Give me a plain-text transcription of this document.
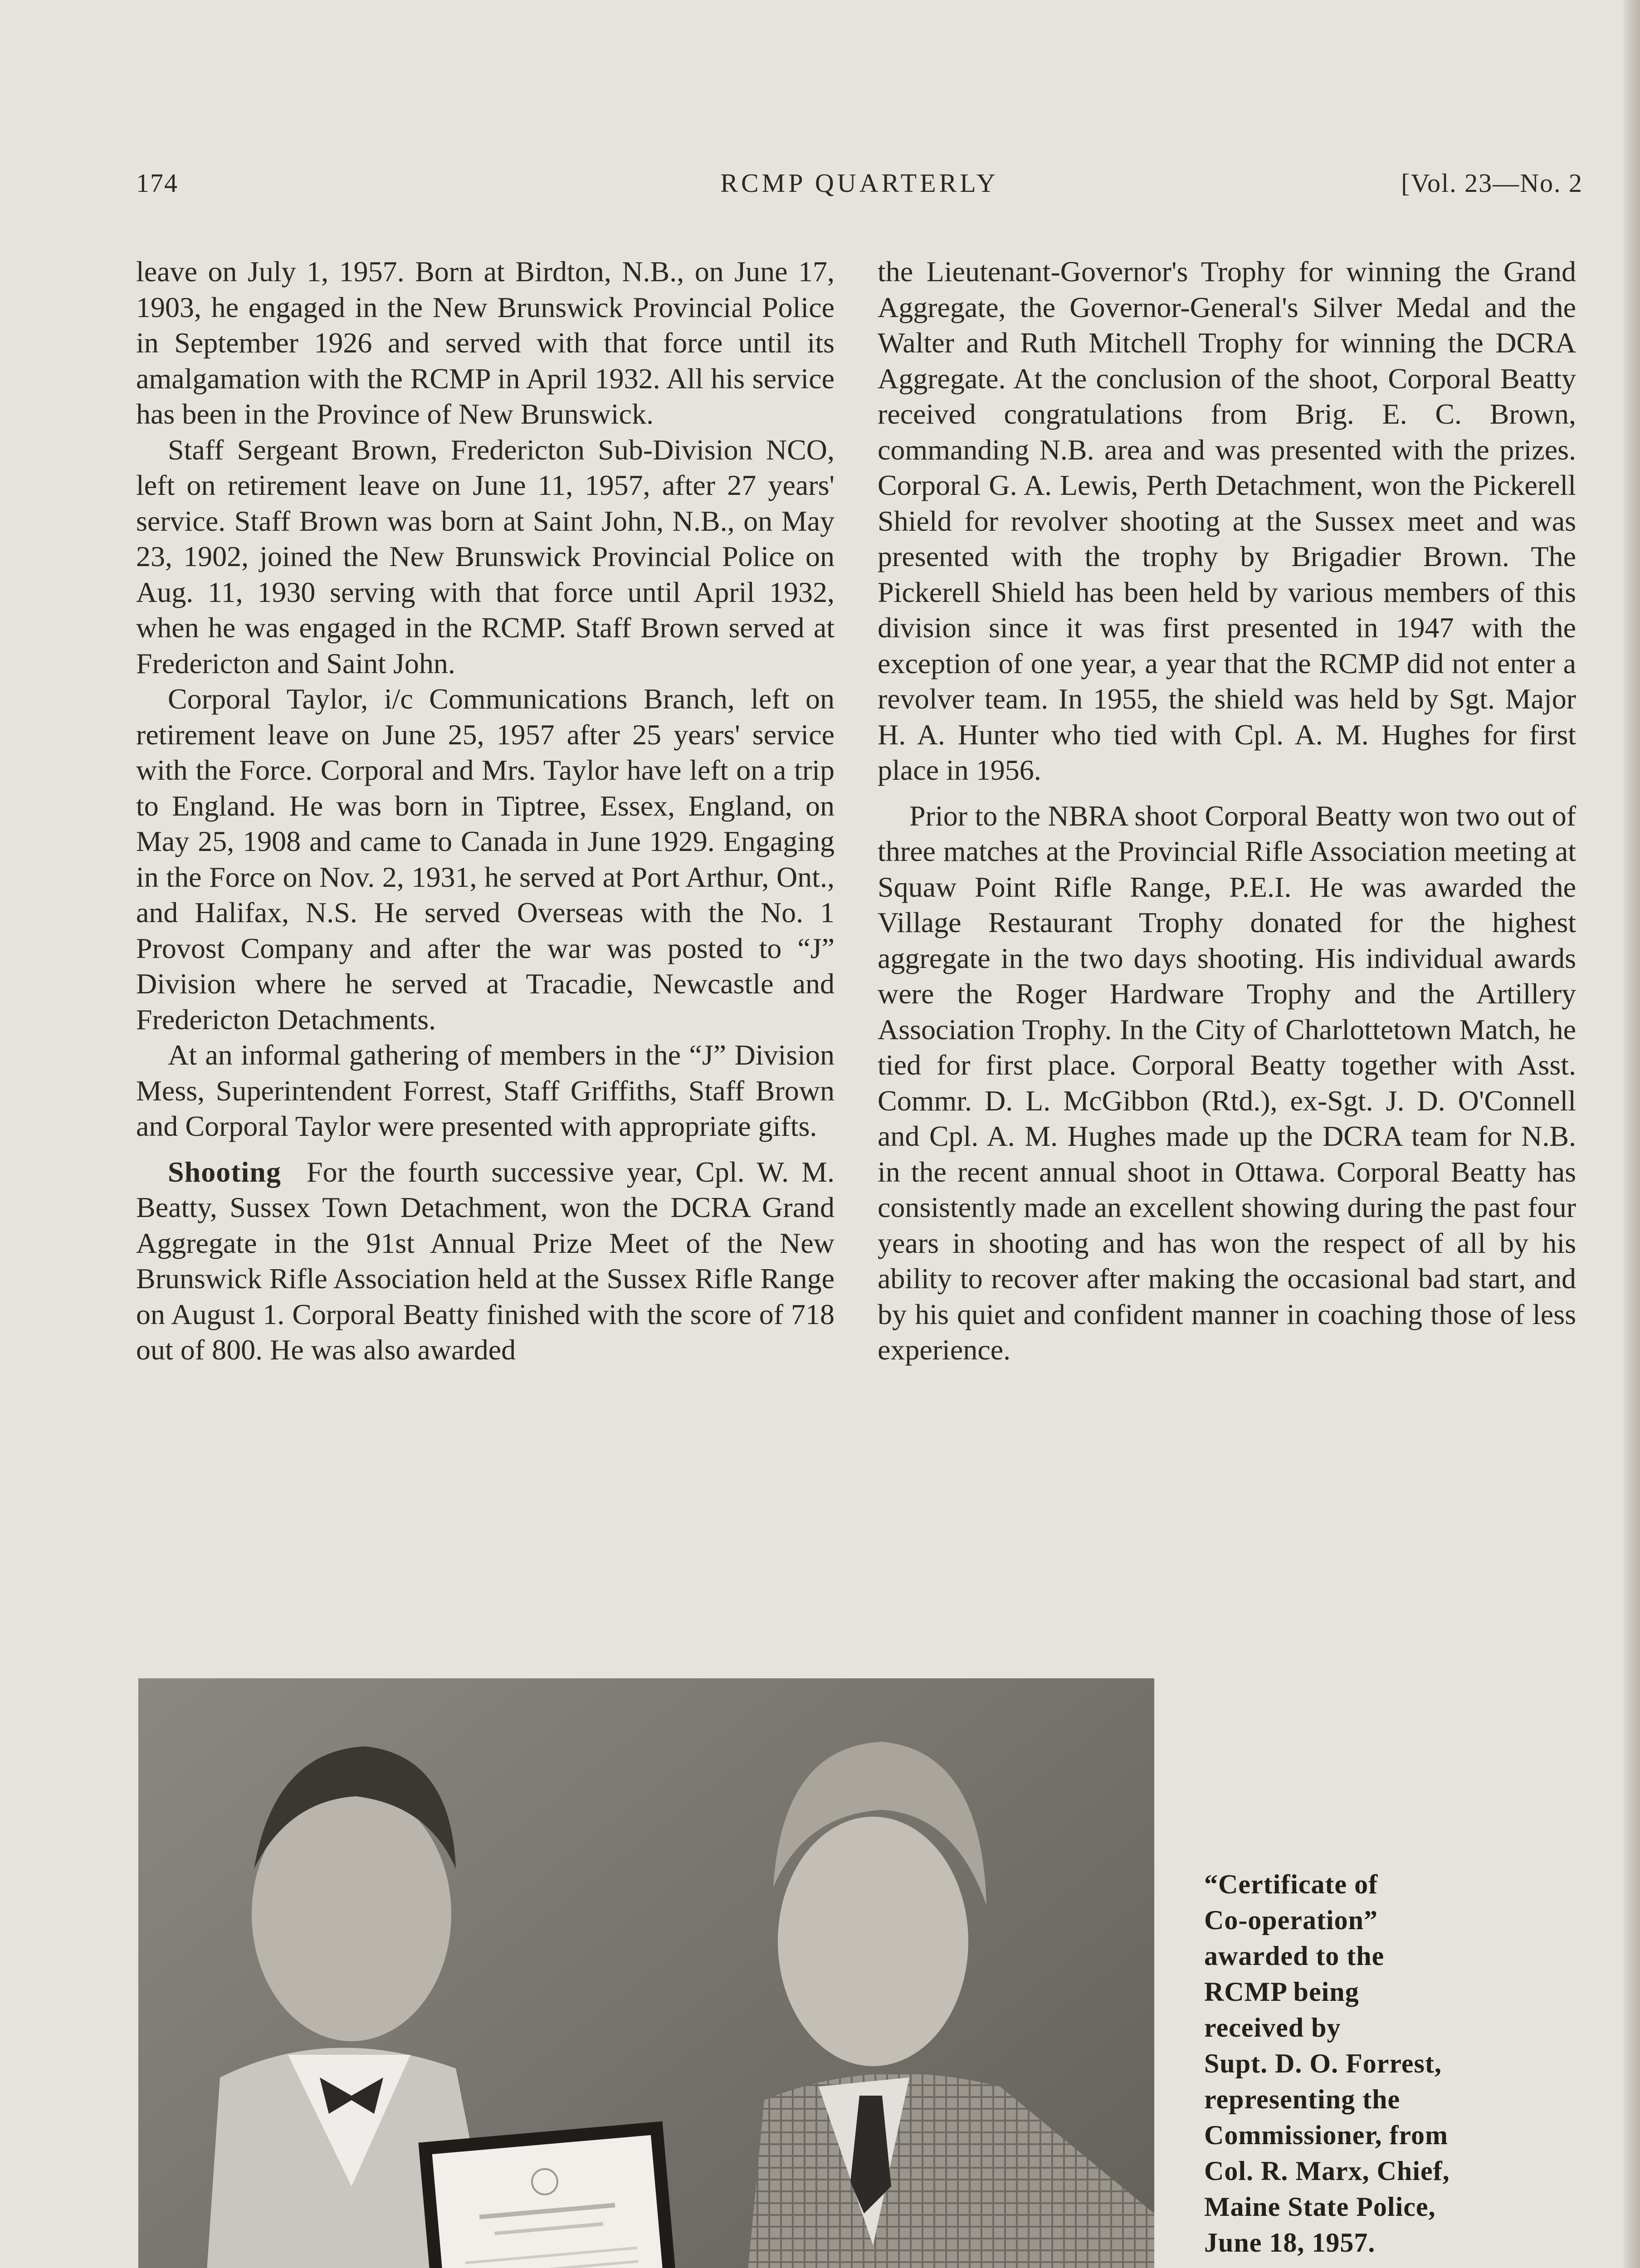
174	RCMP QUARTERLY	[Vol. 23—No. 2

leave on July 1, 1957. Born at Birdton, N.B., on June 17, 1903, he engaged in the New Brunswick Provincial Police in September 1926 and served with that force until its amalgamation with the RCMP in April 1932. All his service has been in the Province of New Brunswick.

Staff Sergeant Brown, Fredericton Sub-Division NCO, left on retirement leave on June 11, 1957, after 27 years' service. Staff Brown was born at Saint John, N.B., on May 23, 1902, joined the New Brunswick Provincial Police on Aug. 11, 1930 serving with that force until April 1932, when he was engaged in the RCMP. Staff Brown served at Fredericton and Saint John.

Corporal Taylor, i/c Communications Branch, left on retirement leave on June 25, 1957 after 25 years' service with the Force. Corporal and Mrs. Taylor have left on a trip to England. He was born in Tiptree, Essex, England, on May 25, 1908 and came to Canada in June 1929. Engaging in the Force on Nov. 2, 1931, he served at Port Arthur, Ont., and Halifax, N.S. He served Overseas with the No. 1 Provost Company and after the war was posted to “J” Division where he served at Tracadie, Newcastle and Fredericton Detachments.

At an informal gathering of members in the “J” Division Mess, Superintendent Forrest, Staff Griffiths, Staff Brown and Corporal Taylor were presented with appropriate gifts.

Shooting For the fourth successive year, Cpl. W. M. Beatty, Sussex Town Detachment, won the DCRA Grand Aggregate in the 91st Annual Prize Meet of the New Brunswick Rifle Association held at the Sussex Rifle Range on August 1. Corporal Beatty finished with the score of 718 out of 800. He was also awarded

the Lieutenant-Governor's Trophy for winning the Grand Aggregate, the Governor-General's Silver Medal and the Walter and Ruth Mitchell Trophy for winning the DCRA Aggregate. At the conclusion of the shoot, Corporal Beatty received congratulations from Brig. E. C. Brown, commanding N.B. area and was presented with the prizes. Corporal G. A. Lewis, Perth Detachment, won the Pickerell Shield for revolver shooting at the Sussex meet and was presented with the trophy by Brigadier Brown. The Pickerell Shield has been held by various members of this division since it was first presented in 1947 with the exception of one year, a year that the RCMP did not enter a revolver team. In 1955, the shield was held by Sgt. Major H. A. Hunter who tied with Cpl. A. M. Hughes for first place in 1956.

Prior to the NBRA shoot Corporal Beatty won two out of three matches at the Provincial Rifle Association meeting at Squaw Point Rifle Range, P.E.I. He was awarded the Village Restaurant Trophy donated for the highest aggregate in the two days shooting. His individual awards were the Roger Hardware Trophy and the Artillery Association Trophy. In the City of Charlottetown Match, he tied for first place. Corporal Beatty together with Asst. Commr. D. L. McGibbon (Rtd.), ex-Sgt. J. D. O'Connell and Cpl. A. M. Hughes made up the DCRA team for N.B. in the recent annual shoot in Ottawa. Corporal Beatty has consistently made an excellent showing during the past four years in shooting and has won the respect of all by his ability to recover after making the occasional bad start, and by his quiet and confident manner in coaching those of less experience.

“Certificate of
Co-operation”
awarded to the
RCMP being
received by
Supt. D. O. Forrest,
representing the
Commissioner, from
Col. R. Marx, Chief,
Maine State Police,
June 18, 1957.
